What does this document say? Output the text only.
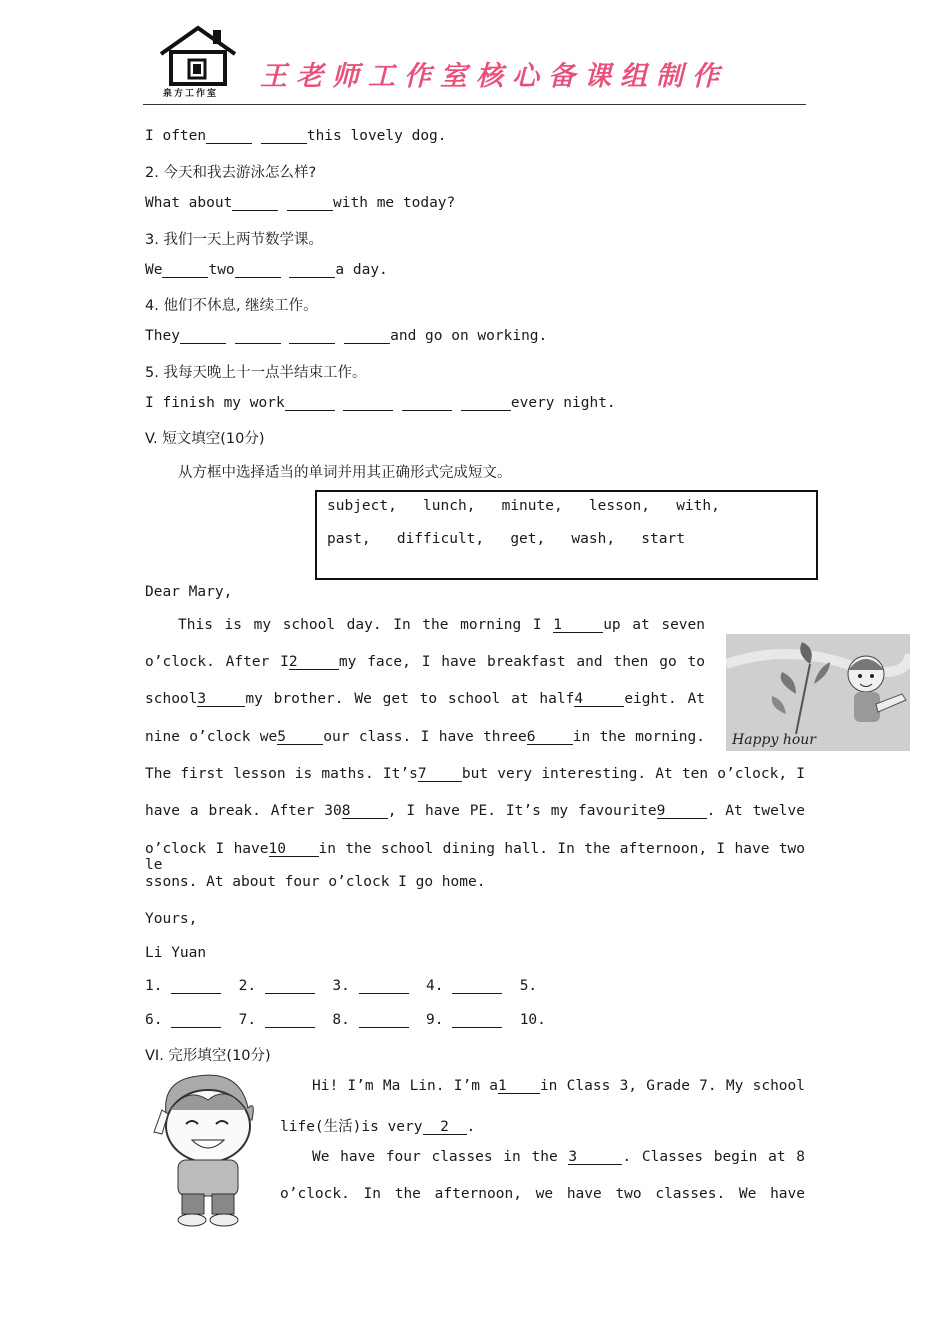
泉方工作室
王老师工作室核心备课组制作
I often	this lovely dog.
2. 今天和我去游泳怎么样?
What about	with me today?
3. 我们一天上两节数学课。
We	two	a day.
4. 他们不休息, 继续工作。
They	and go on working.
5. 我每天晚上十一点半结束工作。
I finish my work	every night.
V. 短文填空(10分)
从方框中选择适当的单词并用其正确形式完成短文。
subject,   lunch,   minute,   lesson,   with,
past,   difficult,   get,   wash,   start
Dear Mary,
This is my school day. In the morning I 1	up at seven
o’clock. After I2	my face, I have breakfast and then go to
school3	my brother. We get to school at half4	eight. At
nine o’clock we5	our class. I have three6	in the morning.
The first lesson is maths. It’s7 but very interesting. At ten o’clock, I
have a break. After 308	, I have PE. It’s my favourite9	. At twelve
o’clock I have10 in the school dining hall. In the afternoon, I have two le
ssons. At about four o’clock I go home.
Happy hour
Yours,
Li Yuan
1.	2.	3.	4.	5.
6.	7.	8.	9.	10.
VI. 完形填空(10分)
Hi! I’m Ma Lin. I’m a1 in Class 3, Grade 7. My school
life(生活)is very 2 .
We have four classes in the 3	. Classes begin at 8
o’clock. In the afternoon, we have two classes. We have
